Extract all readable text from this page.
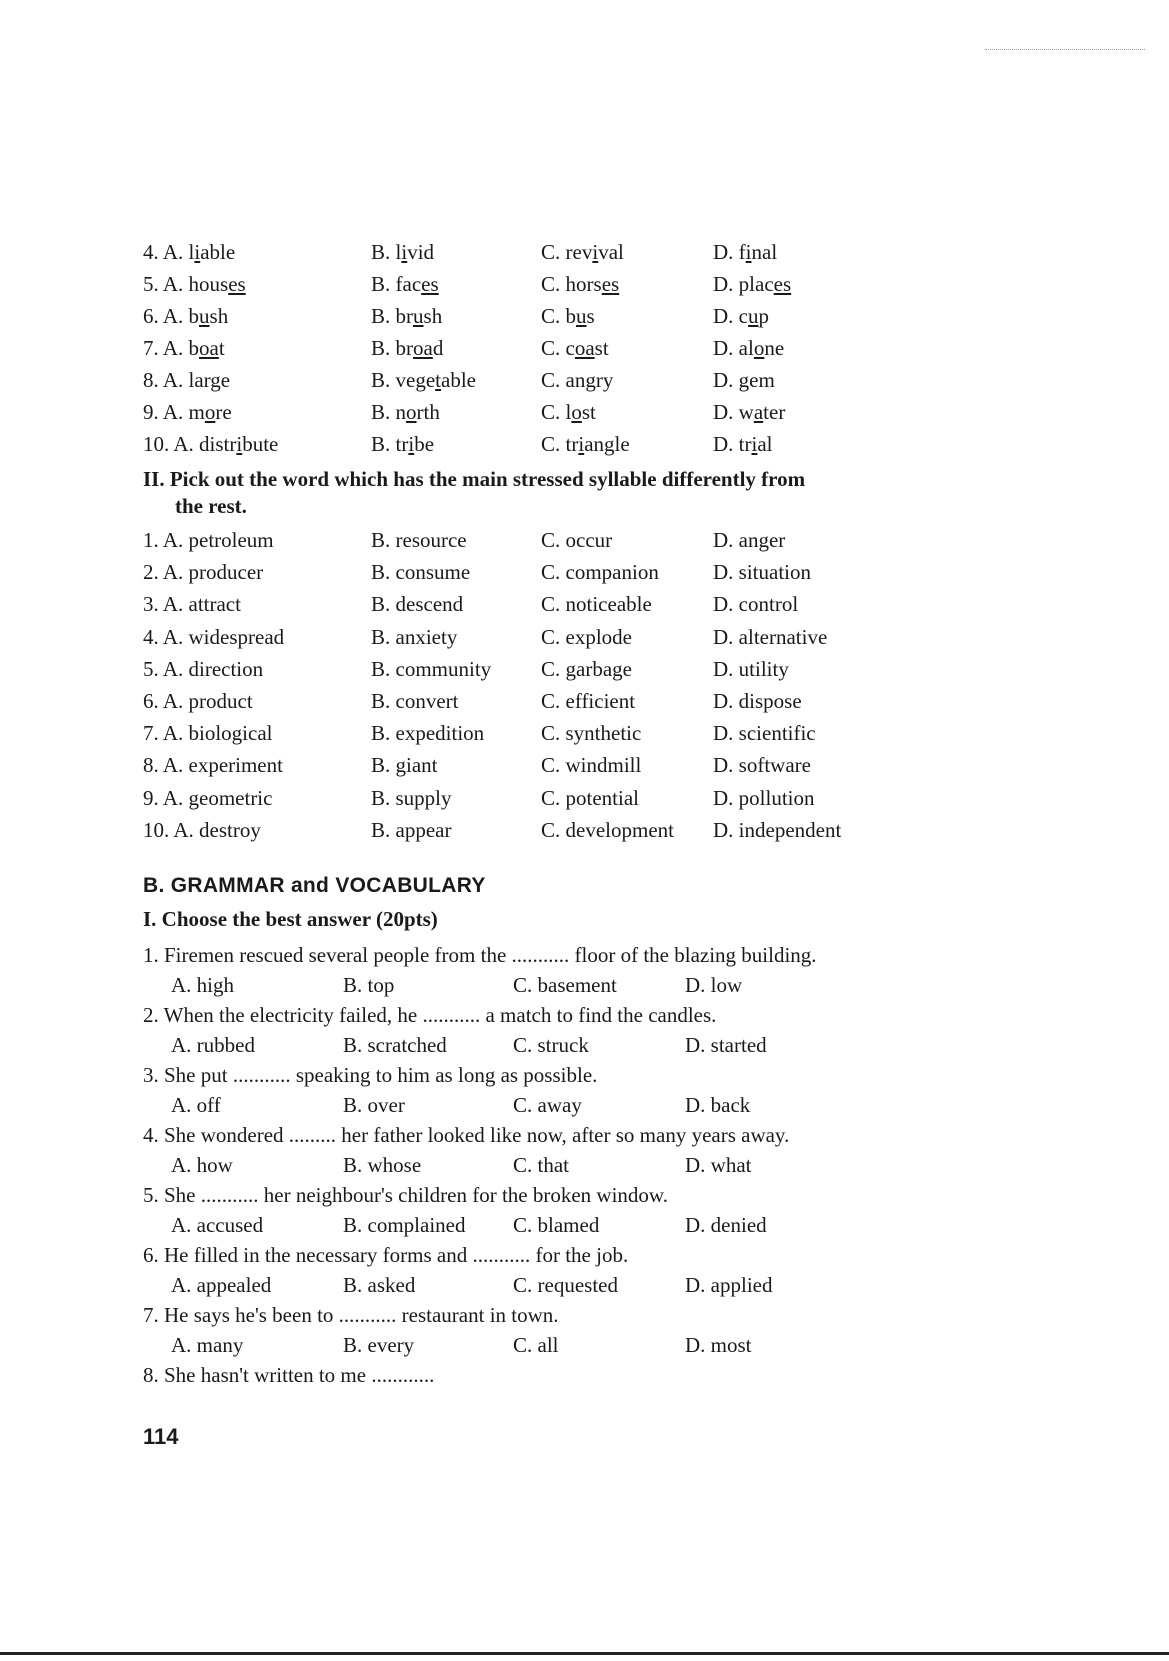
4. A. liable	B. livid	C. revival	D. final
5. A. houses	B. faces	C. horses	D. places
6. A. bush	B. brush	C. bus	D. cup
7. A. boat	B. broad	C. coast	D. alone
8. A. large	B. vegetable	C. angry	D. gem
9. A. more	B. north	C. lost	D. water
10. A. distribute	B. tribe	C. triangle	D. trial
II. Pick out the word which has the main stressed syllable differently from
the rest.
1. A. petroleum	B. resource	C. occur	D. anger
2. A. producer	B. consume	C. companion	D. situation
3. A. attract	B. descend	C. noticeable	D. control
4. A. widespread	B. anxiety	C. explode	D. alternative
5. A. direction	B. community C. garbage	D. utility
6. A. product	B. convert	C. efficient	D. dispose
7. A. biological	B. expedition	C. synthetic	D. scientific
8. A. experiment	B. giant	C. windmill	D. software
9. A. geometric	B. supply	C. potential	D. pollution
10. A. destroy	B. appear	C. development D. independent
B. GRAMMAR and VOCABULARY
I. Choose the best answer (20pts)
1. Firemen rescued several people from the ........... floor of the blazing building.
A. high	B. top	C. basement	D. low
2. When the electricity failed, he ........... a match to find the candles.
A. rubbed	B. scratched	C. struck	D. started
3. She put ........... speaking to him as long as possible.
A. off	B. over	C. away	D. back
4. She wondered ......... her father looked like now, after so many years away.
A. how	B. whose	C. that	D. what
5. She ........... her neighbour's children for the broken window.
A. accused	B. complained C. blamed	D. denied
6. He filled in the necessary forms and ........... for the job.
A. appealed	B. asked	C. requested	D. applied
7. He says he's been to ........... restaurant in town.
A. many	B. every	C. all	D. most
8. She hasn't written to me ............
114
